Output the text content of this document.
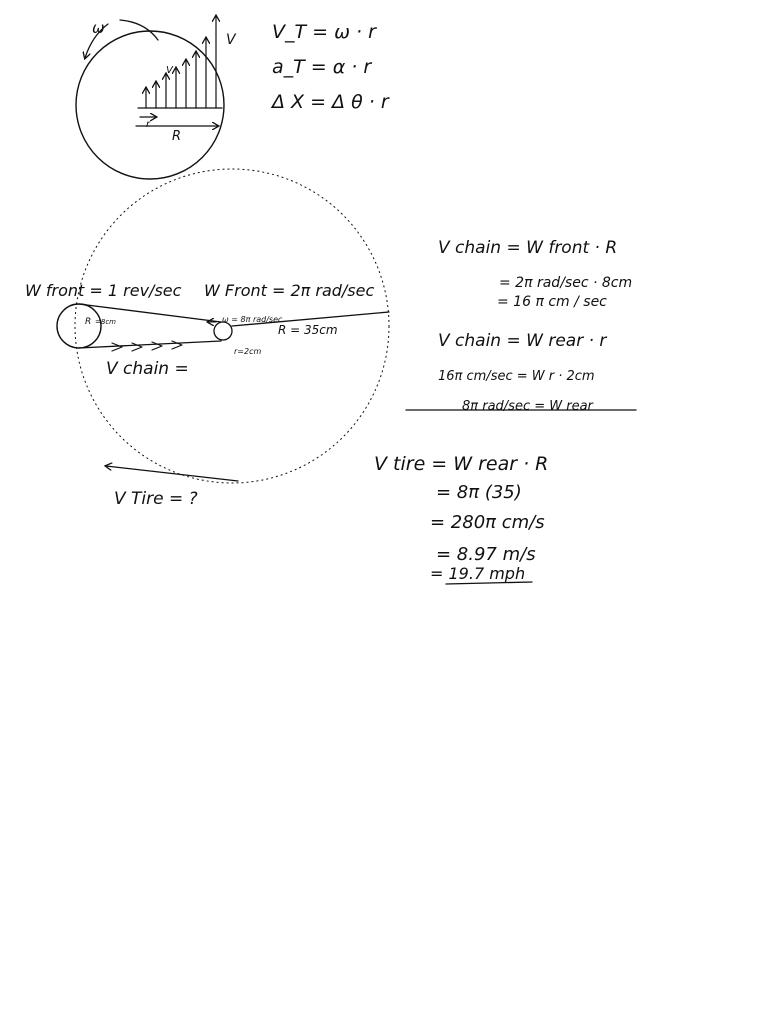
ω
V
V
r
R
V_T = ω · r
a_T = α · r
Δ X = Δ θ · r
W front = 1 rev/sec W Front = 2π rad/sec
R =8cm	ω = 8π rad/sec
R = 35cm
r=2cm
V chain =
V Tire = ?
V chain = W front · R
= 2π rad/sec · 8cm
= 16 π cm / sec
V chain = W rear · r
16π cm/sec = W r · 2cm
8π rad/sec = W rear
V tire = W rear · R
= 8π (35)
= 280π cm/s
= 8.97 m/s
= 19.7 mph
